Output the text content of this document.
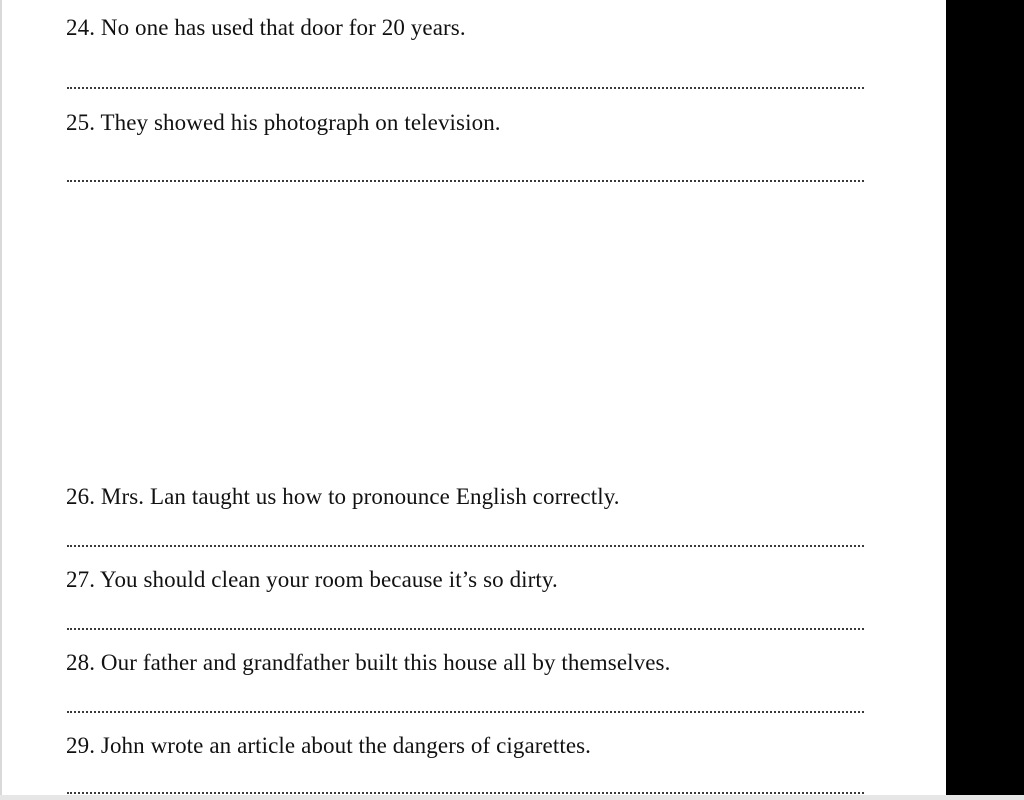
24. No one has used that door for 20 years.
25. They showed his photograph on television.
26. Mrs. Lan taught us how to pronounce English correctly.
27. You should clean your room because it’s so dirty.
28. Our father and grandfather built this house all by themselves.
29. John wrote an article about the dangers of cigarettes.
